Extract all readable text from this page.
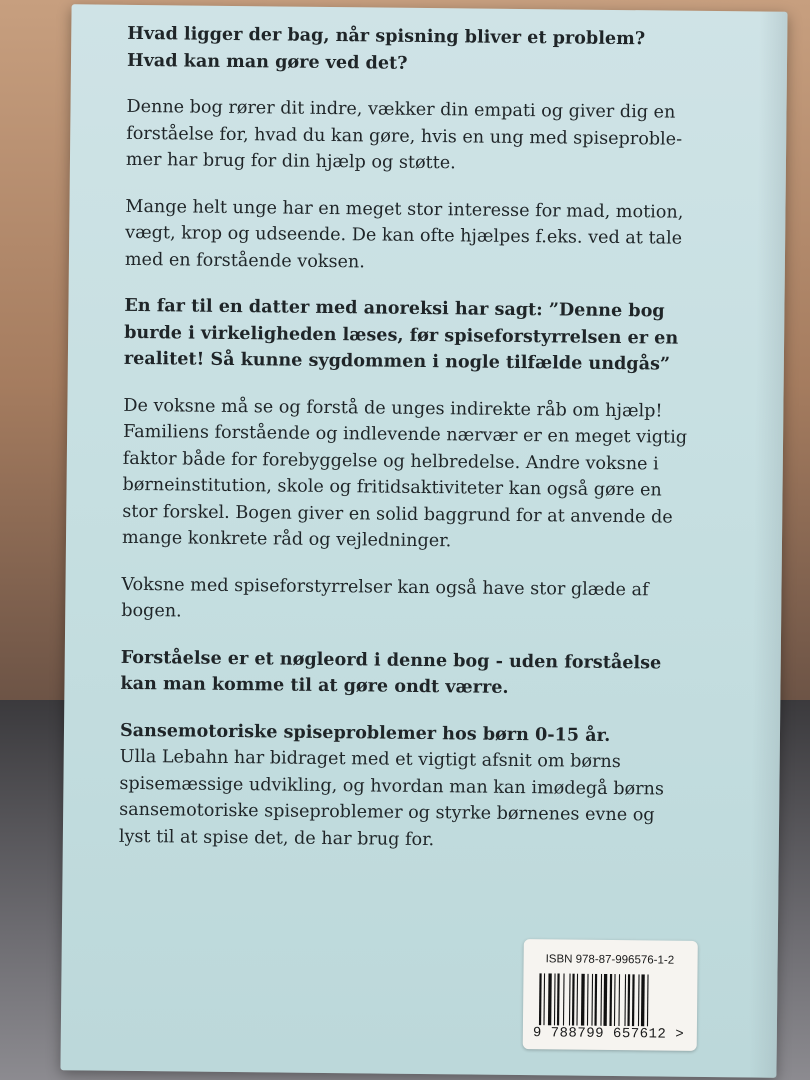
Hvad ligger der bag, når spisning bliver et problem?
Hvad kan man gøre ved det?

Denne bog rører dit indre, vækker din empati og giver dig en
forståelse for, hvad du kan gøre, hvis en ung med spiseproble-
mer har brug for din hjælp og støtte.

Mange helt unge har en meget stor interesse for mad, motion,
vægt, krop og udseende. De kan ofte hjælpes f.eks. ved at tale
med en forstående voksen.

En far til en datter med anoreksi har sagt: ”Denne bog
burde i virkeligheden læses, før spiseforstyrrelsen er en
realitet! Så kunne sygdommen i nogle tilfælde undgås”

De voksne må se og forstå de unges indirekte råb om hjælp!
Familiens forstående og indlevende nærvær er en meget vigtig
faktor både for forebyggelse og helbredelse. Andre voksne i
børneinstitution, skole og fritidsaktiviteter kan også gøre en
stor forskel. Bogen giver en solid baggrund for at anvende de
mange konkrete råd og vejledninger.

Voksne med spiseforstyrrelser kan også have stor glæde af
bogen.

Forståelse er et nøgleord i denne bog - uden forståelse
kan man komme til at gøre ondt værre.

Sansemotoriske spiseproblemer hos børn 0-15 år.
Ulla Lebahn har bidraget med et vigtigt afsnit om børns
spisemæssige udvikling, og hvordan man kan imødegå børns
sansemotoriske spiseproblemer og styrke børnenes evne og
lyst til at spise det, de har brug for.

ISBN 978-87-996576-1-2
9 788799 657612 >
